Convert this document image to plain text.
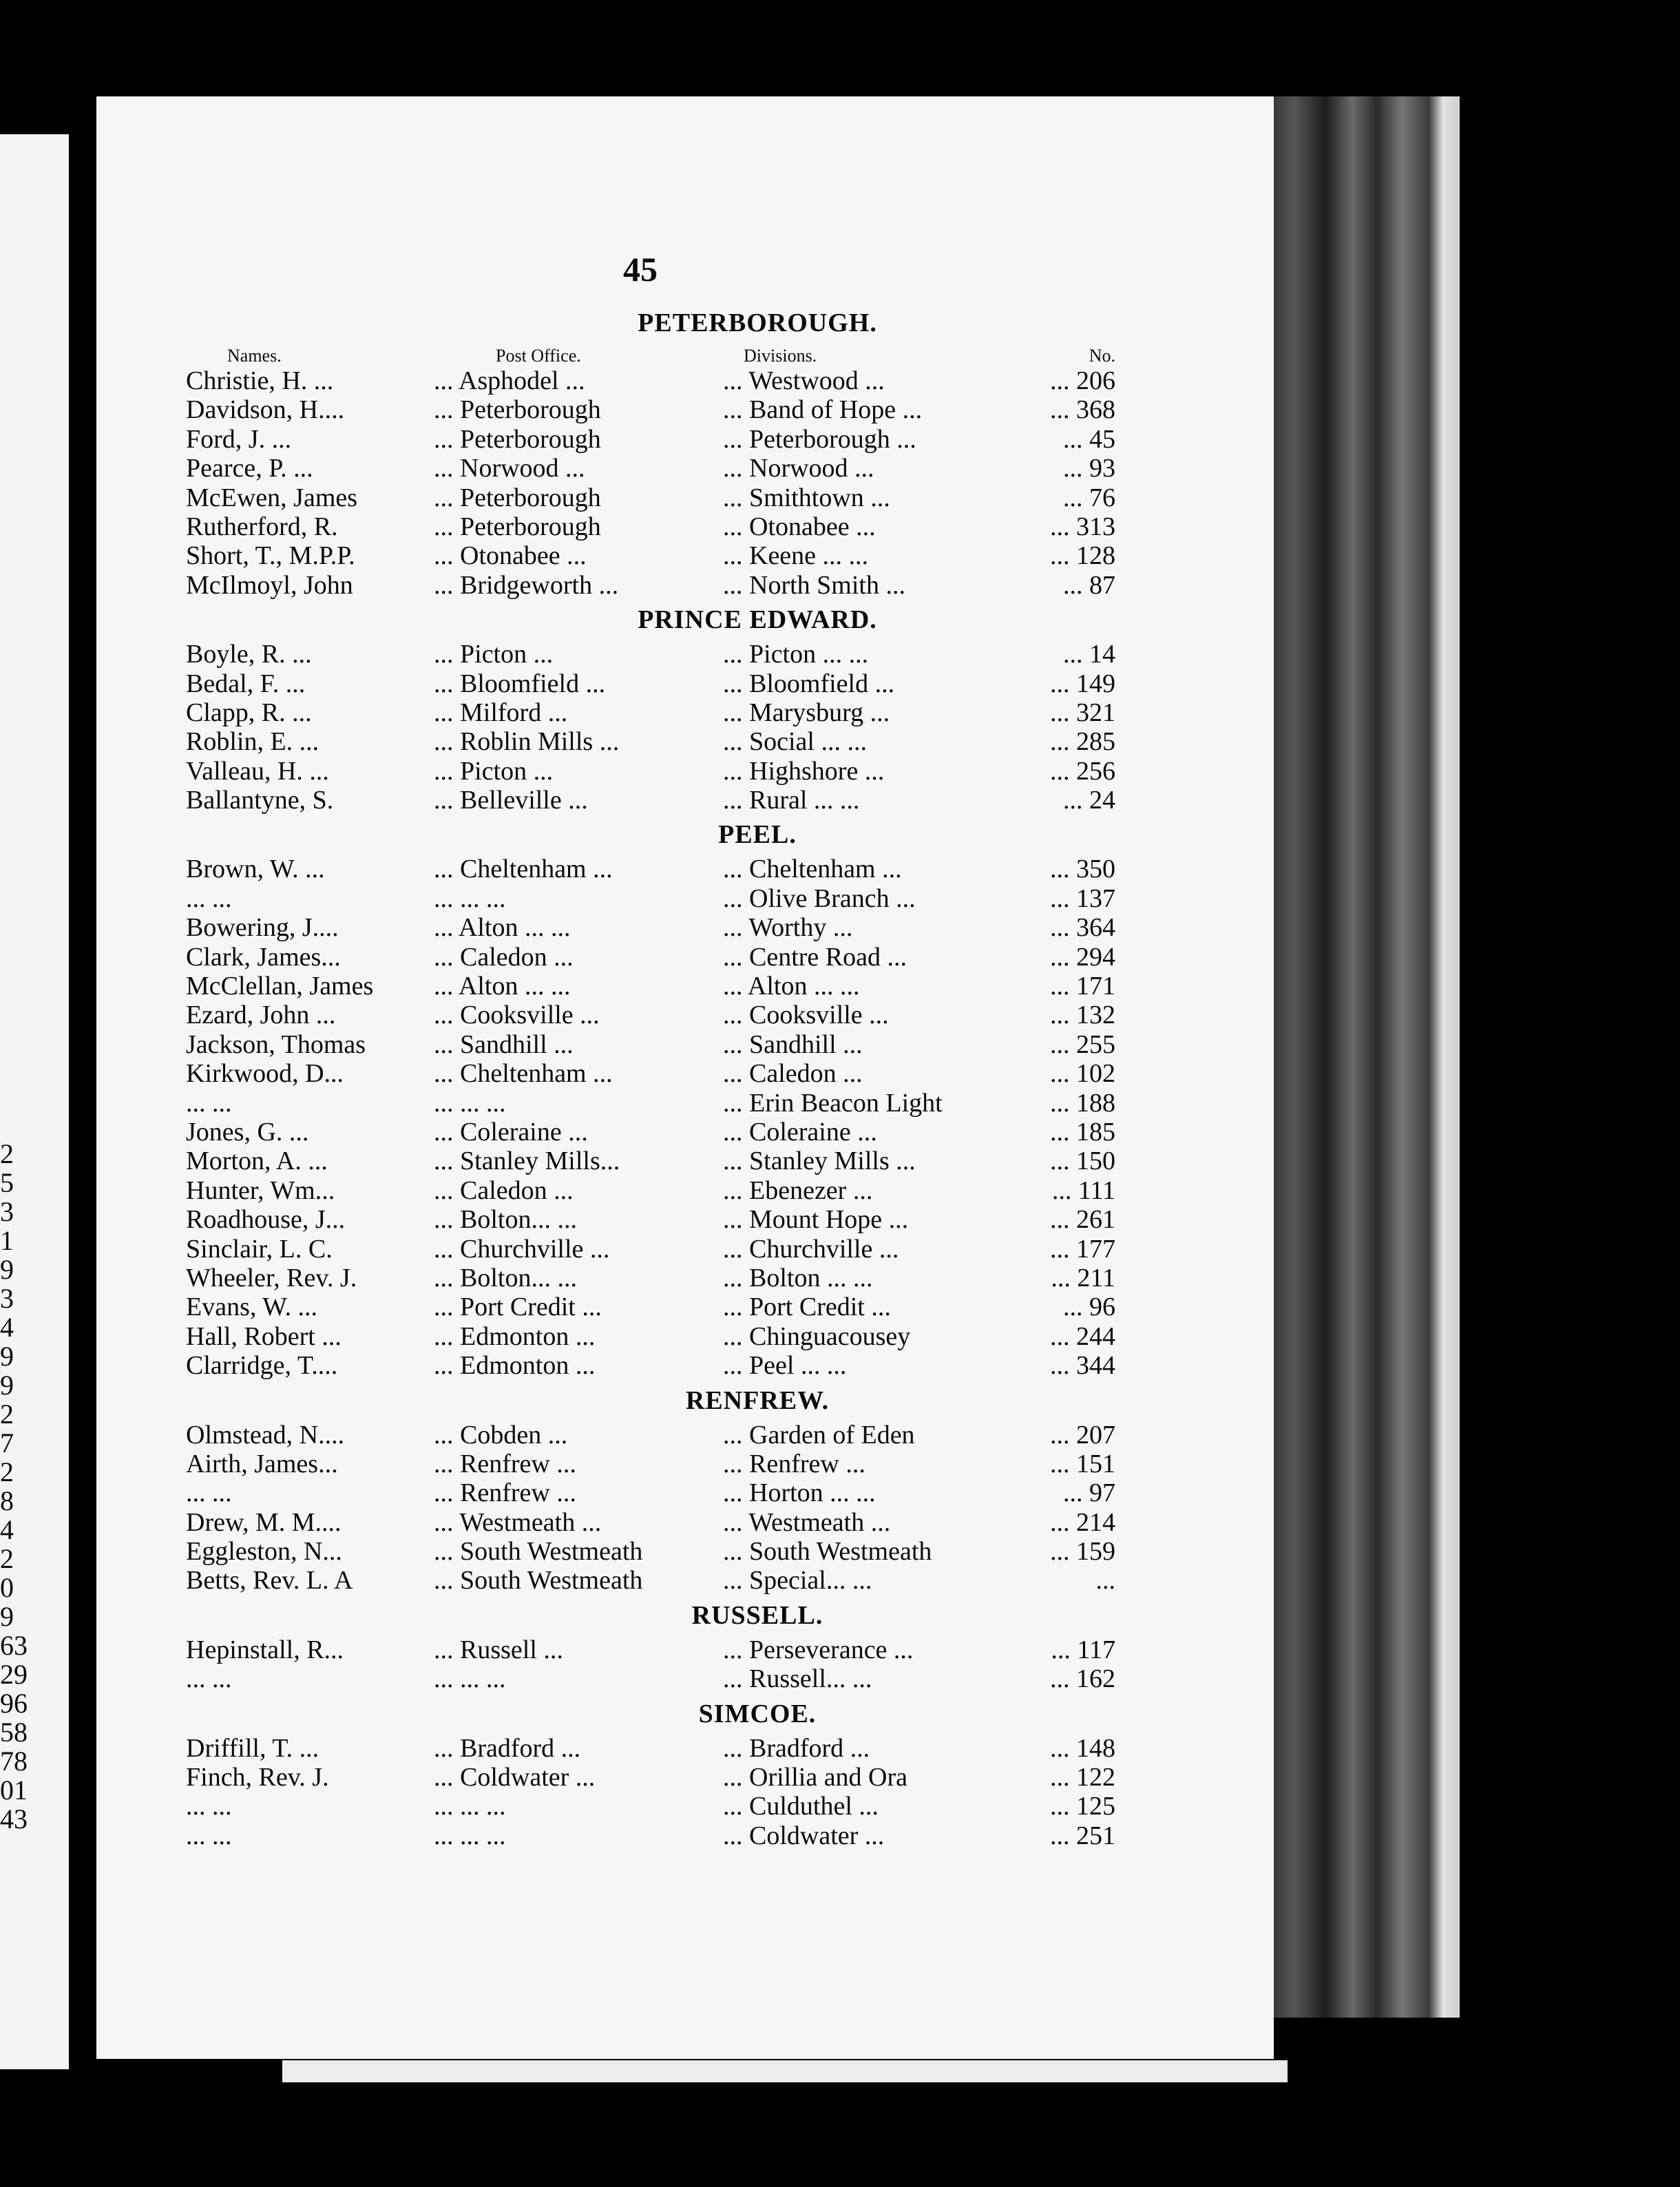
2
5
3
1
9
3
4
9
9
2
7
2
8
4
2
0
9
63
29
96
58
78
01
43
45
PETERBOROUGH.
Names.	Post Office.	Divisions.	No.
Christie, H. ...	... Asphodel ...	... Westwood ...	... 206
Davidson, H....	... Peterborough	... Band of Hope ...	... 368
Ford, J. ...	... Peterborough	... Peterborough ...	... 45
Pearce, P. ...	... Norwood ...	... Norwood ...	... 93
McEwen, James	... Peterborough	... Smithtown ...	... 76
Rutherford, R.	... Peterborough	... Otonabee ...	... 313
Short, T., M.P.P.	... Otonabee ...	... Keene ... ...	... 128
McIlmoyl, John	... Bridgeworth ...	... North Smith ...	... 87
PRINCE EDWARD.
Boyle, R. ...	... Picton ...	... Picton ... ...	... 14
Bedal, F. ...	... Bloomfield ...	... Bloomfield ...	... 149
Clapp, R. ...	... Milford ...	... Marysburg ...	... 321
Roblin, E. ...	... Roblin Mills ...	... Social ... ...	... 285
Valleau, H. ...	... Picton ...	... Highshore ...	... 256
Ballantyne, S.	... Belleville ...	... Rural ... ...	... 24
PEEL.
Brown, W. ...	... Cheltenham ...	... Cheltenham ...	... 350
... ...	... ... ...	... Olive Branch ...	... 137
Bowering, J....	... Alton ... ...	... Worthy ...	... 364
Clark, James...	... Caledon ...	... Centre Road ...	... 294
McClellan, James ... Alton ... ...	... Alton ... ...	... 171
Ezard, John ...	... Cooksville ...	... Cooksville ...	... 132
Jackson, Thomas	... Sandhill ...	... Sandhill ...	... 255
Kirkwood, D...	... Cheltenham ...	... Caledon ...	... 102
... ...	... ... ...	... Erin Beacon Light	... 188
Jones, G. ...	... Coleraine ...	... Coleraine ...	... 185
Morton, A. ...	... Stanley Mills...	... Stanley Mills ...	... 150
Hunter, Wm...	... Caledon ...	... Ebenezer ...	... 111
Roadhouse, J...	... Bolton... ...	... Mount Hope ...	... 261
Sinclair, L. C.	... Churchville ...	... Churchville ...	... 177
Wheeler, Rev. J.	... Bolton... ...	... Bolton ... ...	... 211
Evans, W. ...	... Port Credit ...	... Port Credit ...	... 96
Hall, Robert ...	... Edmonton ...	... Chinguacousey	... 244
Clarridge, T....	... Edmonton ...	... Peel ... ...	... 344
RENFREW.
Olmstead, N....	... Cobden ...	... Garden of Eden	... 207
Airth, James...	... Renfrew ...	... Renfrew ...	... 151
... ...	... Renfrew ...	... Horton ... ...	... 97
Drew, M. M....	... Westmeath ...	... Westmeath ...	... 214
Eggleston, N...	... South Westmeath	... South Westmeath	... 159
Betts, Rev. L. A	... South Westmeath	... Special... ...	...
RUSSELL.
Hepinstall, R...	... Russell ...	... Perseverance ...	... 117
... ...	... ... ...	... Russell... ...	... 162
SIMCOE.
Driffill, T. ...	... Bradford ...	... Bradford ...	... 148
Finch, Rev. J.	... Coldwater ...	... Orillia and Ora	... 122
... ...	... ... ...	... Culduthel ...	... 125
... ...	... ... ...	... Coldwater ...	... 251
